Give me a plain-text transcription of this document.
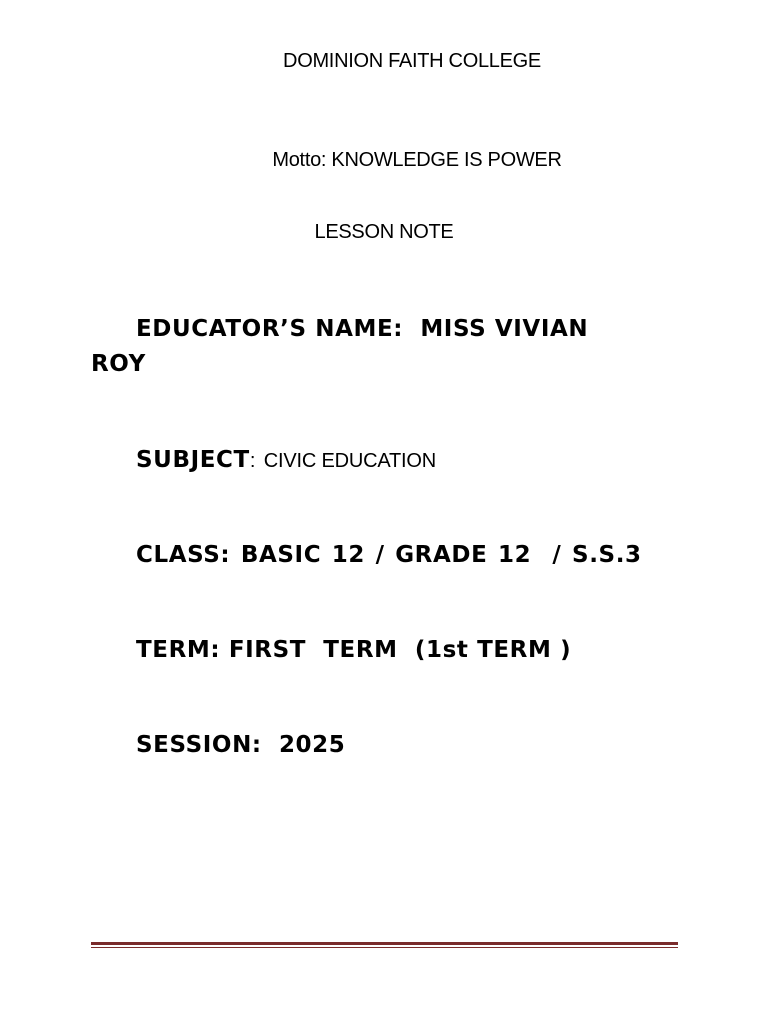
DOMINION FAITH COLLEGE
Motto: KNOWLEDGE IS POWER
LESSON NOTE
EDUCATOR’S NAME: MISS VIVIAN ROY
SUBJECT: CIVIC EDUCATION
CLASS: BASIC 12 / GRADE 12  / S.S.3
TERM: FIRST  TERM  (1st TERM )
SESSION: 2025
